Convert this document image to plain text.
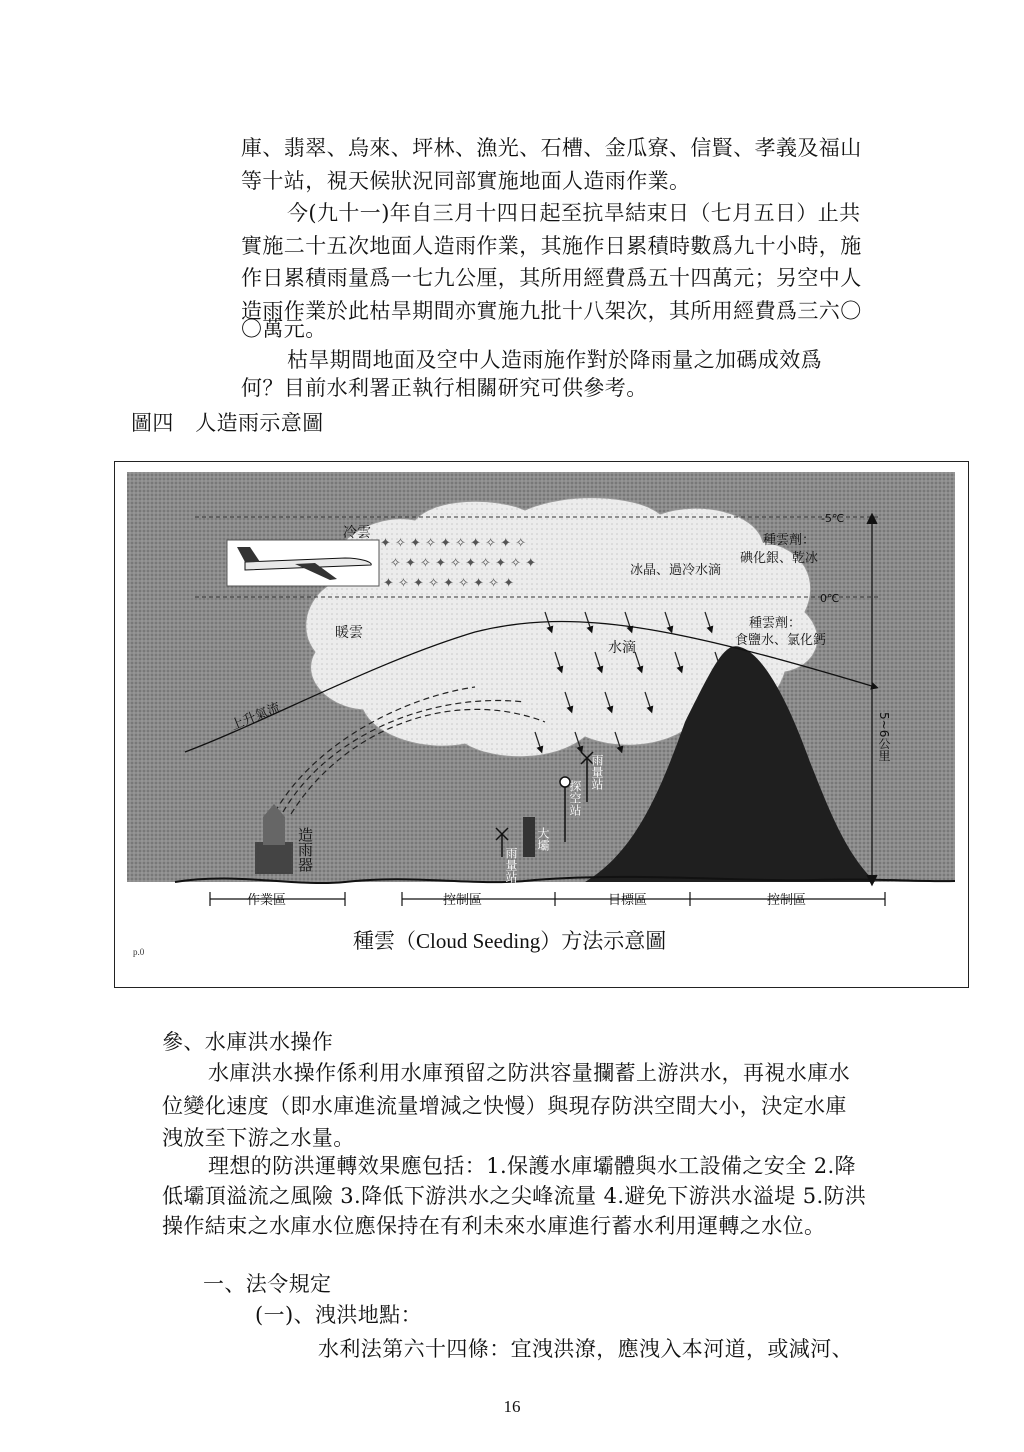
庫、翡翠、烏來、坪林、漁光、石槽、金瓜寮、信賢、孝義及福山
等十站，視天候狀況同部實施地面人造雨作業。
今(九十一)年自三月十四日起至抗旱結束日（七月五日）止共
實施二十五次地面人造雨作業，其施作日累積時數爲九十小時，施
作日累積雨量爲一七九公厘，其所用經費爲五十四萬元；另空中人
造雨作業於此枯旱期間亦實施九批十八架次，其所用經費爲三六〇
〇萬元。
枯旱期間地面及空中人造雨施作對於降雨量之加碼成效爲
何？目前水利署正執行相關研究可供參考。
圖四　人造雨示意圖
✦ ✧ ✦ ✧ ✦ ✧ ✦ ✧ ✦ ✧
✧ ✦ ✧ ✦ ✧ ✦ ✧ ✦ ✧ ✦
✦ ✧ ✦ ✧ ✦ ✧ ✦ ✧ ✦
冷雲
暖雲
冰晶、過冷水滴
水滴
種雲劑：
碘化銀、乾冰
種雲劑：
食鹽水、氯化鈣
-5℃
0℃
5~6公里
上升氣流
造雨器	雨量站
大壩
探空站
雨量站
作業區	控制區	目標區	控制區
種雲（Cloud Seeding）方法示意圖
p.0
參、水庫洪水操作
水庫洪水操作係利用水庫預留之防洪容量攔蓄上游洪水，再視水庫水
位變化速度（即水庫進流量增減之快慢）與現存防洪空間大小，決定水庫
洩放至下游之水量。
理想的防洪運轉效果應包括：1.保護水庫壩體與水工設備之安全 2.降
低壩頂溢流之風險 3.降低下游洪水之尖峰流量 4.避免下游洪水溢堤 5.防洪
操作結束之水庫水位應保持在有利未來水庫進行蓄水利用運轉之水位。
一、法令規定
(一)、洩洪地點：
水利法第六十四條：宜洩洪潦，應洩入本河道，或減河、
16
